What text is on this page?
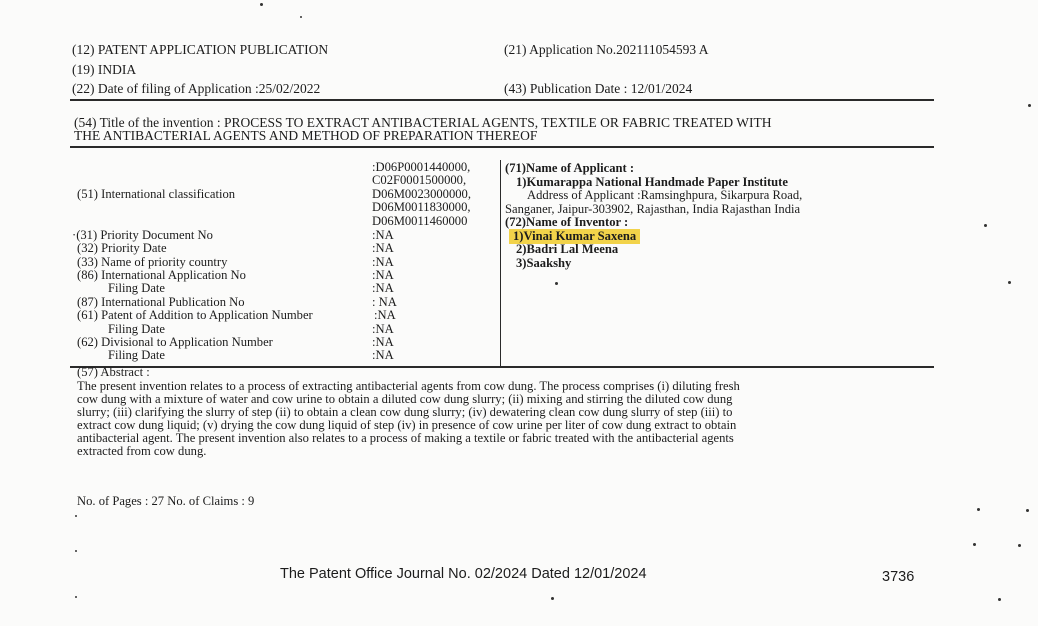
(12) PATENT APPLICATION PUBLICATION
(19) INDIA
(22) Date of filing of Application :25/02/2022
(21) Application No.202111054593 A
(43) Publication Date : 12/01/2024
(54) Title of the invention : PROCESS TO EXTRACT ANTIBACTERIAL AGENTS, TEXTILE OR FABRIC TREATED WITH
THE ANTIBACTERIAL AGENTS AND METHOD OF PREPARATION THEREOF
(51) International classification
:D06P0001440000,
C02F0001500000,
D06M0023000000,
D06M0011830000,
D06M0011460000
·(31) Priority Document No	:NA
(32) Priority Date	:NA
(33) Name of priority country	:NA
(86) International Application No	:NA
Filing Date	:NA
(87) International Publication No	: NA
(61) Patent of Addition to Application Number	:NA
Filing Date	:NA
(62) Divisional to Application Number	:NA
Filing Date	:NA
(71)Name of Applicant :
1)Kumarappa National Handmade Paper Institute
Address of Applicant :Ramsinghpura, Sikarpura Road,
Sanganer, Jaipur-303902, Rajasthan, India Rajasthan India
(72)Name of Inventor :
1)Vinai Kumar Saxena
2)Badri Lal Meena
3)Saakshy
(57) Abstract :
The present invention relates to a process of extracting antibacterial agents from cow dung. The process comprises (i) diluting fresh
cow dung with a mixture of water and cow urine to obtain a diluted cow dung slurry; (ii) mixing and stirring the diluted cow dung
slurry; (iii) clarifying the slurry of step (ii) to obtain a clean cow dung slurry; (iv) dewatering clean cow dung slurry of step (iii) to
extract cow dung liquid; (v) drying the cow dung liquid of step (iv) in presence of cow urine per liter of cow dung extract to obtain
antibacterial agent. The present invention also relates to a process of making a textile or fabric treated with the antibacterial agents
extracted from cow dung.
No. of Pages : 27 No. of Claims : 9
The Patent Office Journal No. 02/2024 Dated 12/01/2024	3736
